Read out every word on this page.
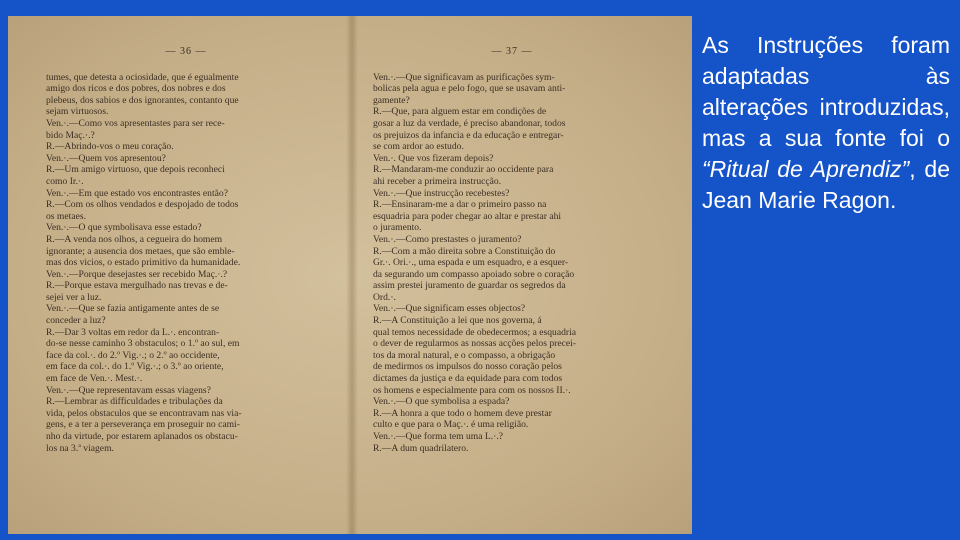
— 36 —
tumes, que detesta a ociosidade, que é egualmente
amigo dos ricos e dos pobres, dos nobres e dos
plebeus, dos sabios e dos ignorantes, contanto que
sejam virtuosos.
Ven.·.—Como vos apresentastes para ser rece-
bido Maç.·.?
R.—Abrindo-vos o meu coração.
Ven.·.—Quem vos apresentou?
R.—Um amigo virtuoso, que depois reconheci
como Ir.·.
Ven.·.—Em que estado vos encontrastes então?
R.—Com os olhos vendados e despojado de todos
os metaes.
Ven.·.—O que symbolisava esse estado?
R.—A venda nos olhos, a cegueira do homem
ignorante; a ausencia dos metaes, que são emble-
mas dos vicios, o estado primitivo da humanidade.
Ven.·.—Porque desejastes ser recebido Maç.·.?
R.—Porque estava mergulhado nas trevas e de-
sejei ver a luz.
Ven.·.—Que se fazia antigamente antes de se
conceder a luz?
R.—Dar 3 voltas em redor da L.·. encontran-
do-se nesse caminho 3 obstaculos; o 1.º ao sul, em
face da col.·. do 2.º Vig.·.; o 2.º ao occidente,
em face da col.·. do 1.º Vig.·.; o 3.º ao oriente,
em face de Ven.·. Mest.·.
Ven.·.—Que representavam essas viagens?
R.—Lembrar as difficuldades e tribulações da
vida, pelos obstaculos que se encontravam nas via-
gens, e a ter a perseverança em proseguir no cami-
nho da virtude, por estarem aplanados os obstacu-
los na 3.ª viagem.
— 37 —
Ven.·.—Que significavam as purificações sym-
bolicas pela agua e pelo fogo, que se usavam anti-
gamente?
R.—Que, para alguem estar em condições de
gosar a luz da verdade, é preciso abandonar, todos
os prejuizos da infancia e da educação e entregar-
se com ardor ao estudo.
Ven.·. Que vos fizeram depois?
R.—Mandaram-me conduzir ao occidente para
ahi receber a primeira instrucção.
Ven.·.—Que instrucção recebestes?
R.—Ensinaram-me a dar o primeiro passo na
esquadria para poder chegar ao altar e prestar ahi
o juramento.
Ven.·.—Como prestastes o juramento?
R.—Com a mão direita sobre a Constituição do
Gr.·. Ori.·., uma espada e um esquadro, e a esquer-
da segurando um compasso apoiado sobre o coração
assim prestei juramento de guardar os segredos da
Ord.·.
Ven.·.—Que significam esses objectos?
R.—A Constituição a lei que nos governa, á
qual temos necessidade de obedecermos; a esquadria
o dever de regularmos as nossas acções pelos precei-
tos da moral natural, e o compasso, a obrigação
de medirmos os impulsos do nosso coração pelos
dictames da justiça e da equidade para com todos
os homens e especialmente para com os nossos II.·.
Ven.·.—O que symbolisa a espada?
R.—A honra a que todo o homem deve prestar
culto e que para o Maç.·. é uma religião.
Ven.·.—Que forma tem uma L.·.?
R.—A dum quadrilatero.
As Instruções foram adaptadas às alterações introduzidas, mas a sua fonte foi o “Ritual de Aprendiz”, de Jean Marie Ragon.
